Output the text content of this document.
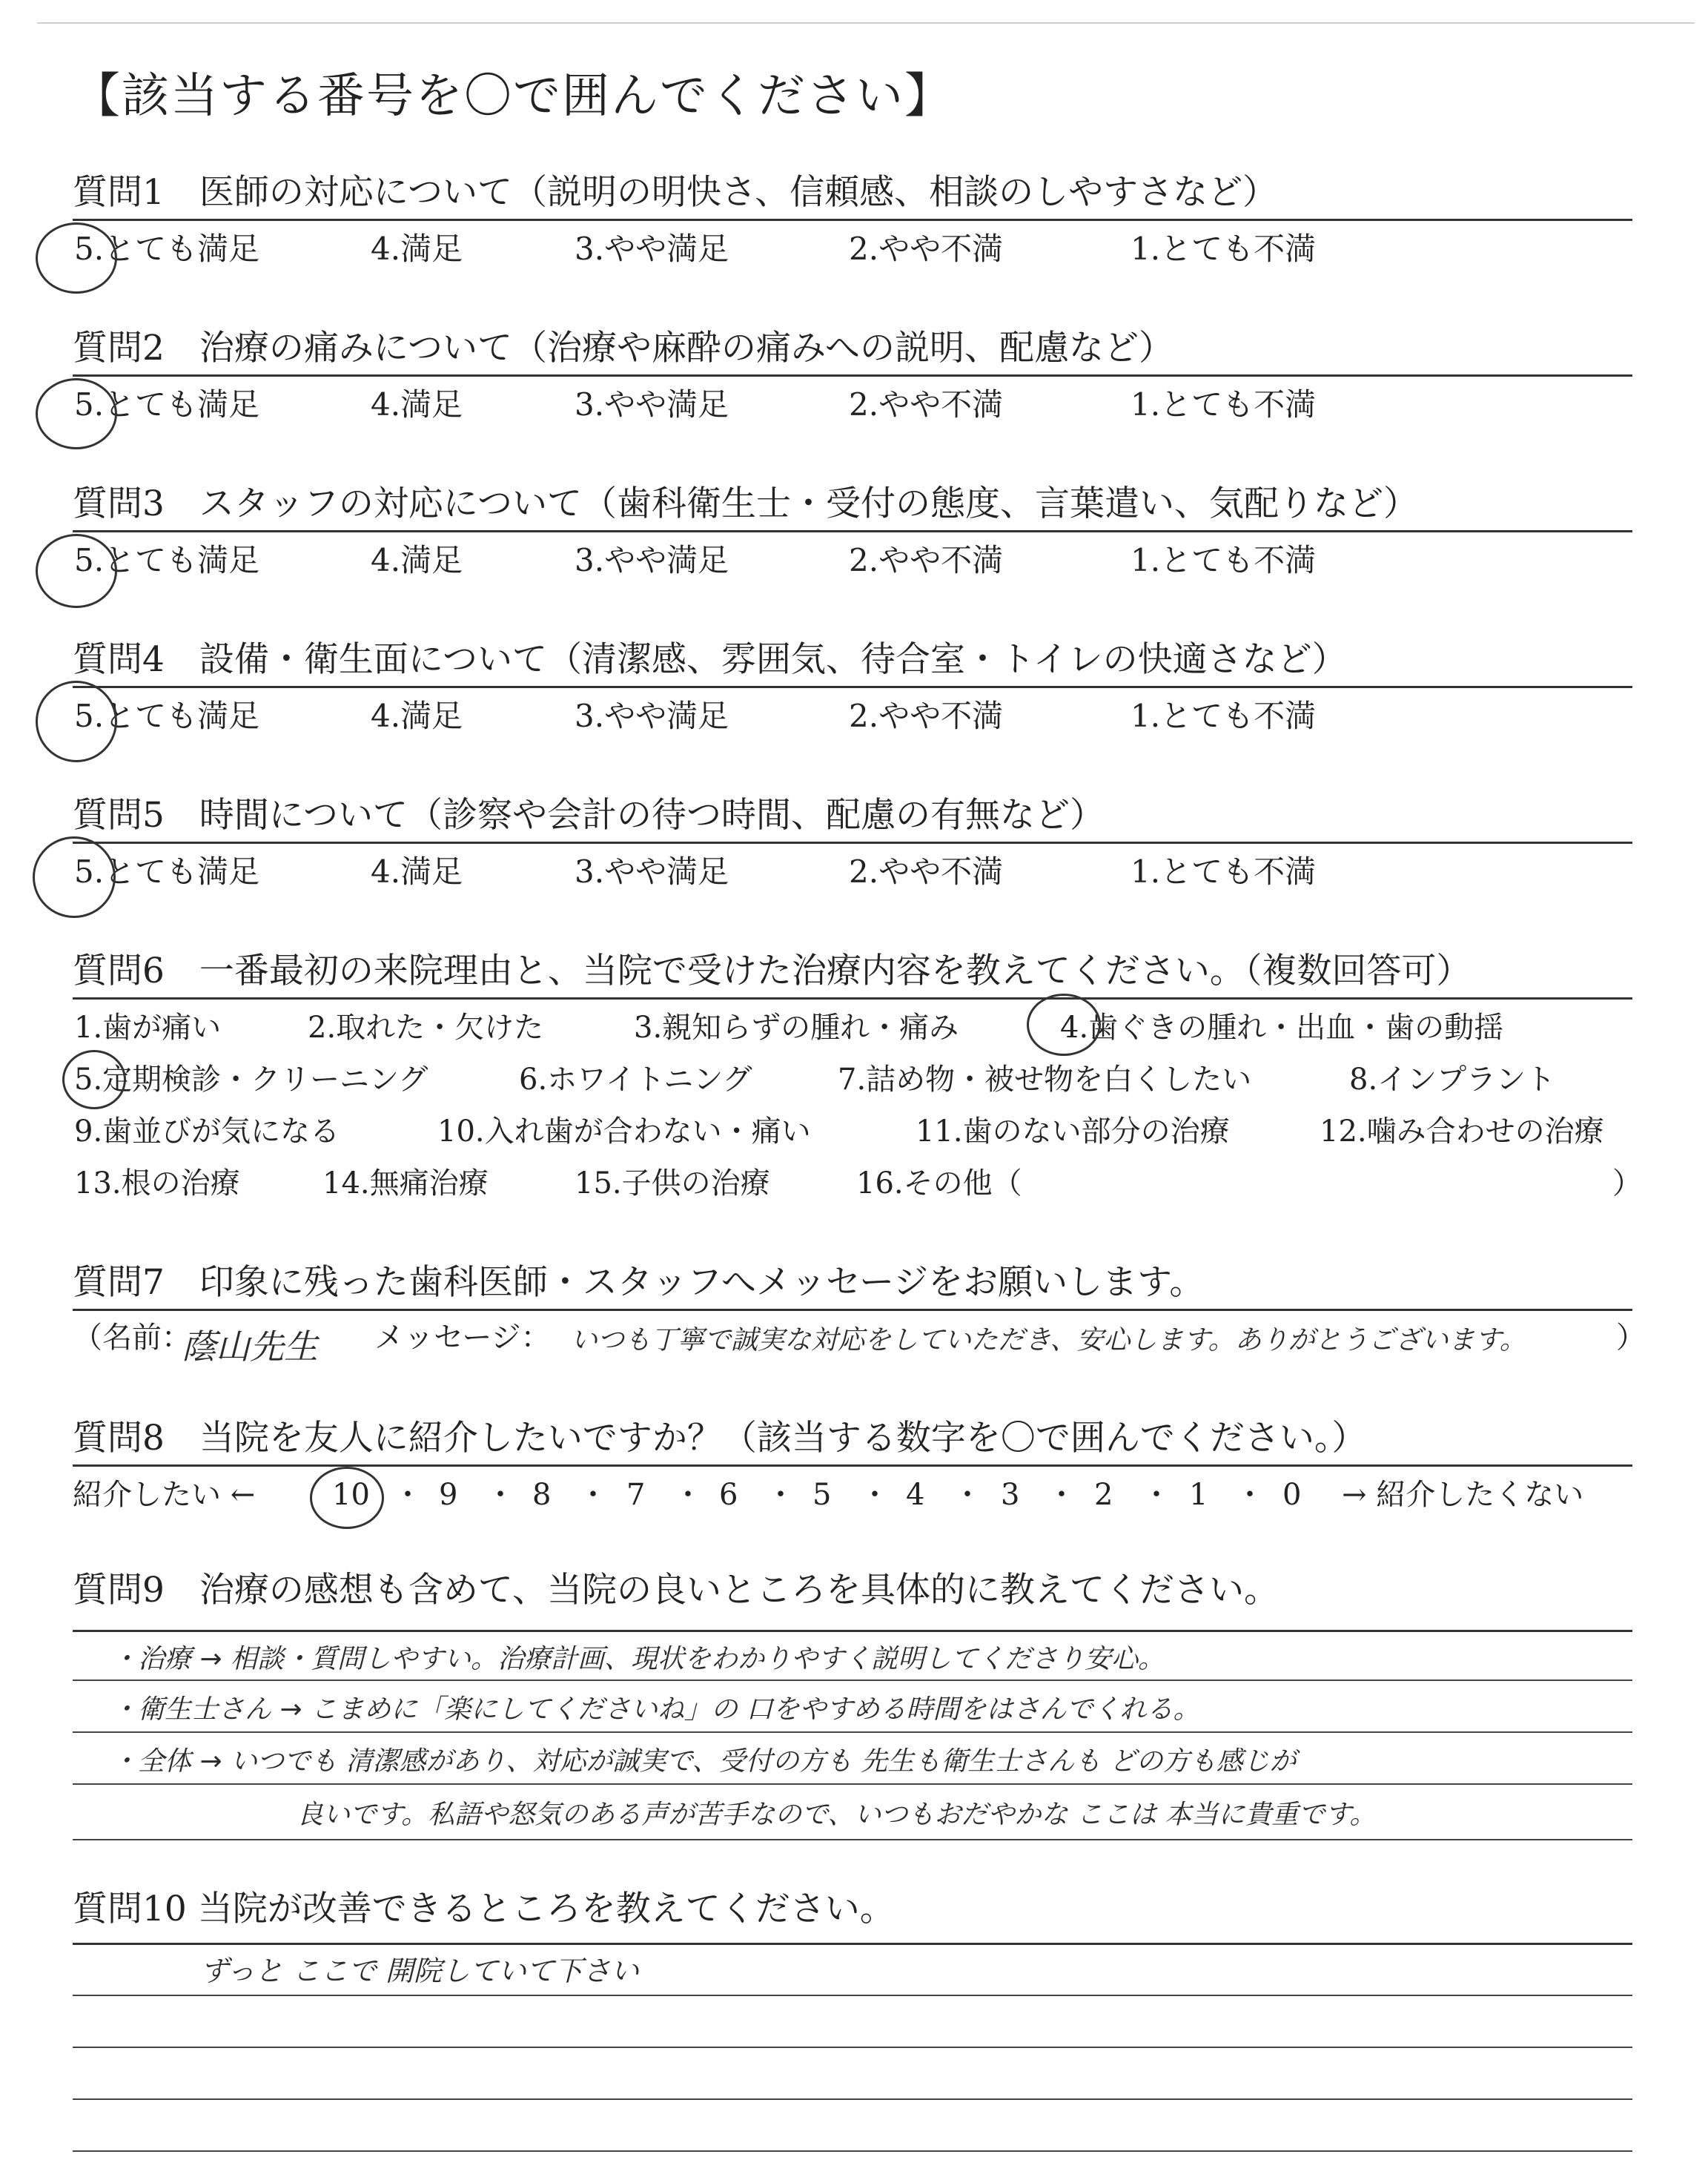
【該当する番号を〇で囲んでください】
質問1　医師の対応について（説明の明快さ、信頼感、相談のしやすさなど）
5.とても満足	4.満足	3.やや満足	2.やや不満	1.とても不満
質問2　治療の痛みについて（治療や麻酔の痛みへの説明、配慮など）
5.とても満足	4.満足	3.やや満足	2.やや不満	1.とても不満
質問3　スタッフの対応について（歯科衛生士・受付の態度、言葉遣い、気配りなど）
5.とても満足	4.満足	3.やや満足	2.やや不満	1.とても不満
質問4　設備・衛生面について（清潔感、雰囲気、待合室・トイレの快適さなど）
5.とても満足	4.満足	3.やや満足	2.やや不満	1.とても不満
質問5　時間について（診察や会計の待つ時間、配慮の有無など）
5.とても満足	4.満足	3.やや満足	2.やや不満	1.とても不満
質問6　一番最初の来院理由と、当院で受けた治療内容を教えてください。（複数回答可）
1.歯が痛い	2.取れた・欠けた	3.親知らずの腫れ・痛み	4.歯ぐきの腫れ・出血・歯の動揺
5.定期検診・クリーニング	6.ホワイトニング	7.詰め物・被せ物を白くしたい	8.インプラント
9.歯並びが気になる	10.入れ歯が合わない・痛い	11.歯のない部分の治療	12.噛み合わせの治療
13.根の治療	14.無痛治療	15.子供の治療	16.その他（	）
質問7　印象に残った歯科医師・スタッフへメッセージをお願いします。
（名前：
蔭山先生 メッセージ： いつも丁寧で誠実な対応をしていただき、安心します。ありがとうございます。	）
質問8　当院を友人に紹介したいですか？（該当する数字を〇で囲んでください。）
紹介したい ←	10 ・ 9 ・ 8 ・ 7 ・ 6 ・ 5 ・ 4 ・ 3 ・ 2 ・ 1 ・ 0 → 紹介したくない
質問9　治療の感想も含めて、当院の良いところを具体的に教えてください。
・治療 → 相談・質問しやすい。治療計画、現状をわかりやすく説明してくださり安心。
・衛生士さん → こまめに「楽にしてくださいね」の 口をやすめる時間をはさんでくれる。
・全体 → いつでも 清潔感があり、対応が誠実で、受付の方も 先生も衛生士さんも どの方も感じが
良いです。私語や怒気のある声が苦手なので、いつもおだやかな ここは 本当に貴重です。
質問10 当院が改善できるところを教えてください。
ずっと ここで 開院していて下さい
